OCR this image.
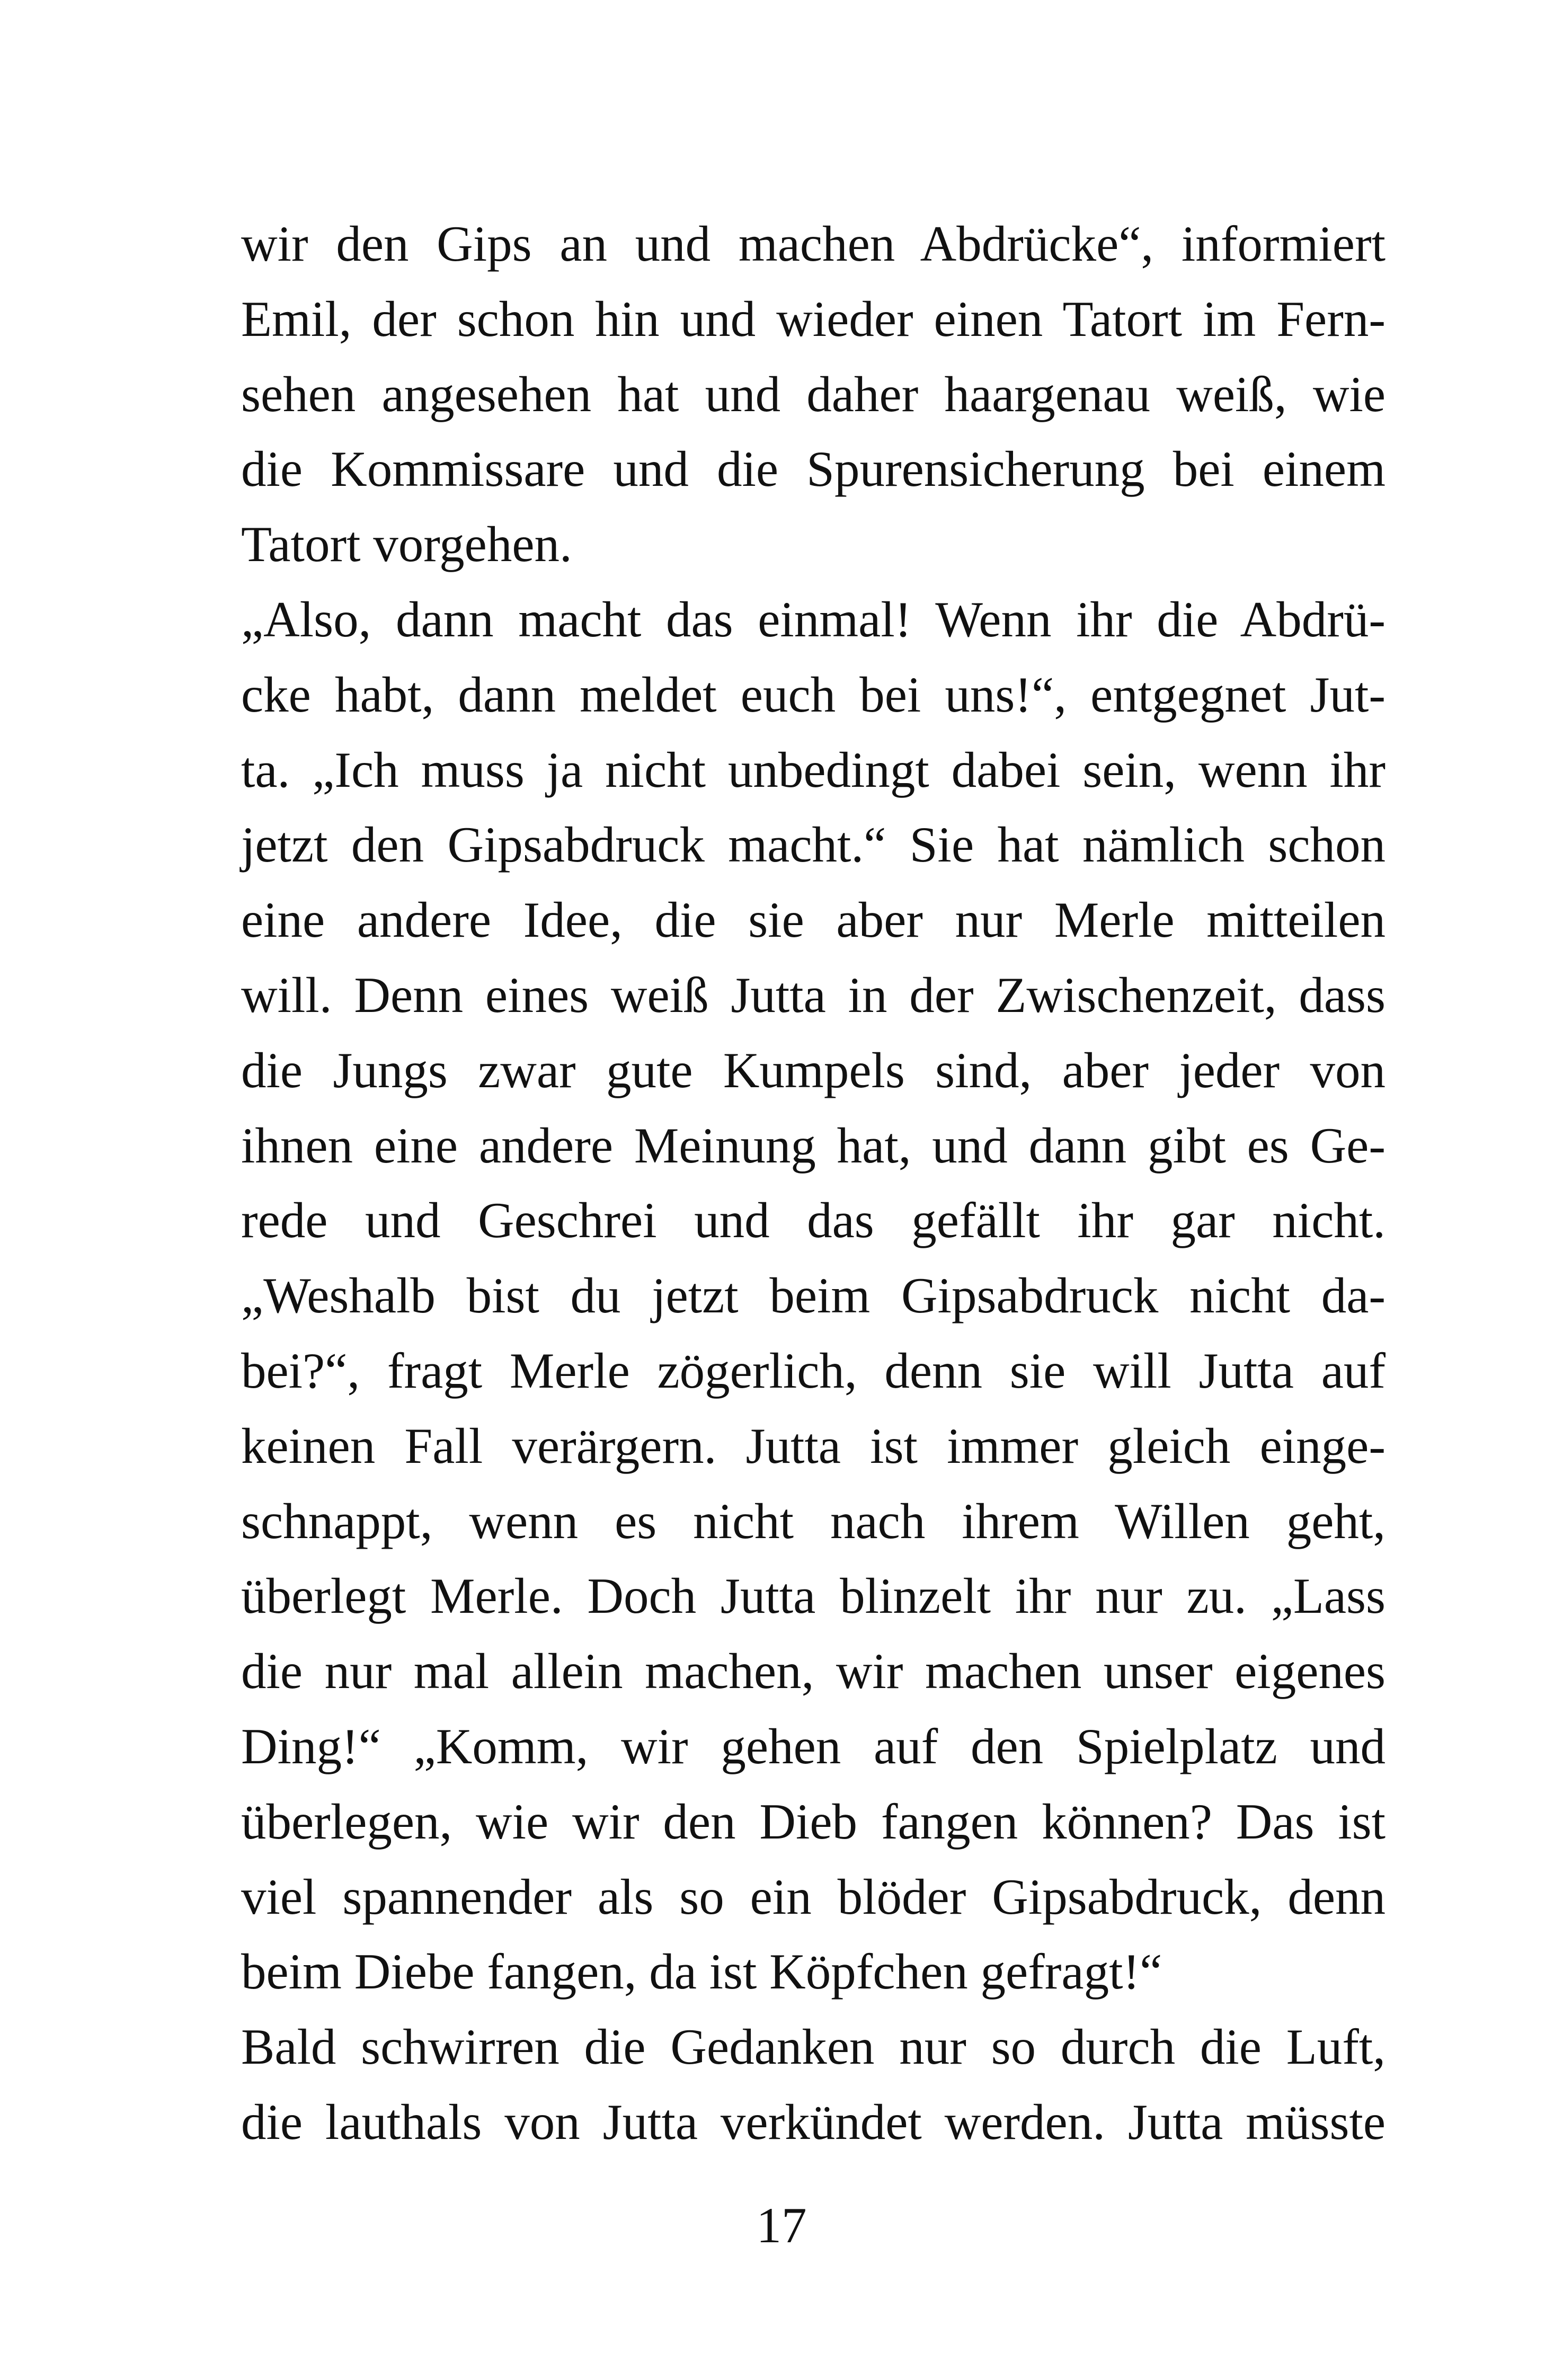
wir den Gips an und machen Abdrücke“, informiert
Emil, der schon hin und wieder einen Tatort im Fern-
sehen angesehen hat und daher haargenau weiß, wie
die Kommissare und die Spurensicherung bei einem
Tatort vorgehen.
„Also, dann macht das einmal! Wenn ihr die Abdrü-
cke habt, dann meldet euch bei uns!“, entgegnet Jut-
ta. „Ich muss ja nicht unbedingt dabei sein, wenn ihr
jetzt den Gipsabdruck macht.“ Sie hat nämlich schon
eine andere Idee, die sie aber nur Merle mitteilen
will. Denn eines weiß Jutta in der Zwischenzeit, dass
die Jungs zwar gute Kumpels sind, aber jeder von
ihnen eine andere Meinung hat, und dann gibt es Ge-
rede und Geschrei und das gefällt ihr gar nicht.
„Weshalb bist du jetzt beim Gipsabdruck nicht da-
bei?“, fragt Merle zögerlich, denn sie will Jutta auf
keinen Fall verärgern. Jutta ist immer gleich einge-
schnappt, wenn es nicht nach ihrem Willen geht,
überlegt Merle. Doch Jutta blinzelt ihr nur zu. „Lass
die nur mal allein machen, wir machen unser eigenes
Ding!“ „Komm, wir gehen auf den Spielplatz und
überlegen, wie wir den Dieb fangen können? Das ist
viel spannender als so ein blöder Gipsabdruck, denn
beim Diebe fangen, da ist Köpfchen gefragt!“
Bald schwirren die Gedanken nur so durch die Luft,
die lauthals von Jutta verkündet werden. Jutta müsste
17
